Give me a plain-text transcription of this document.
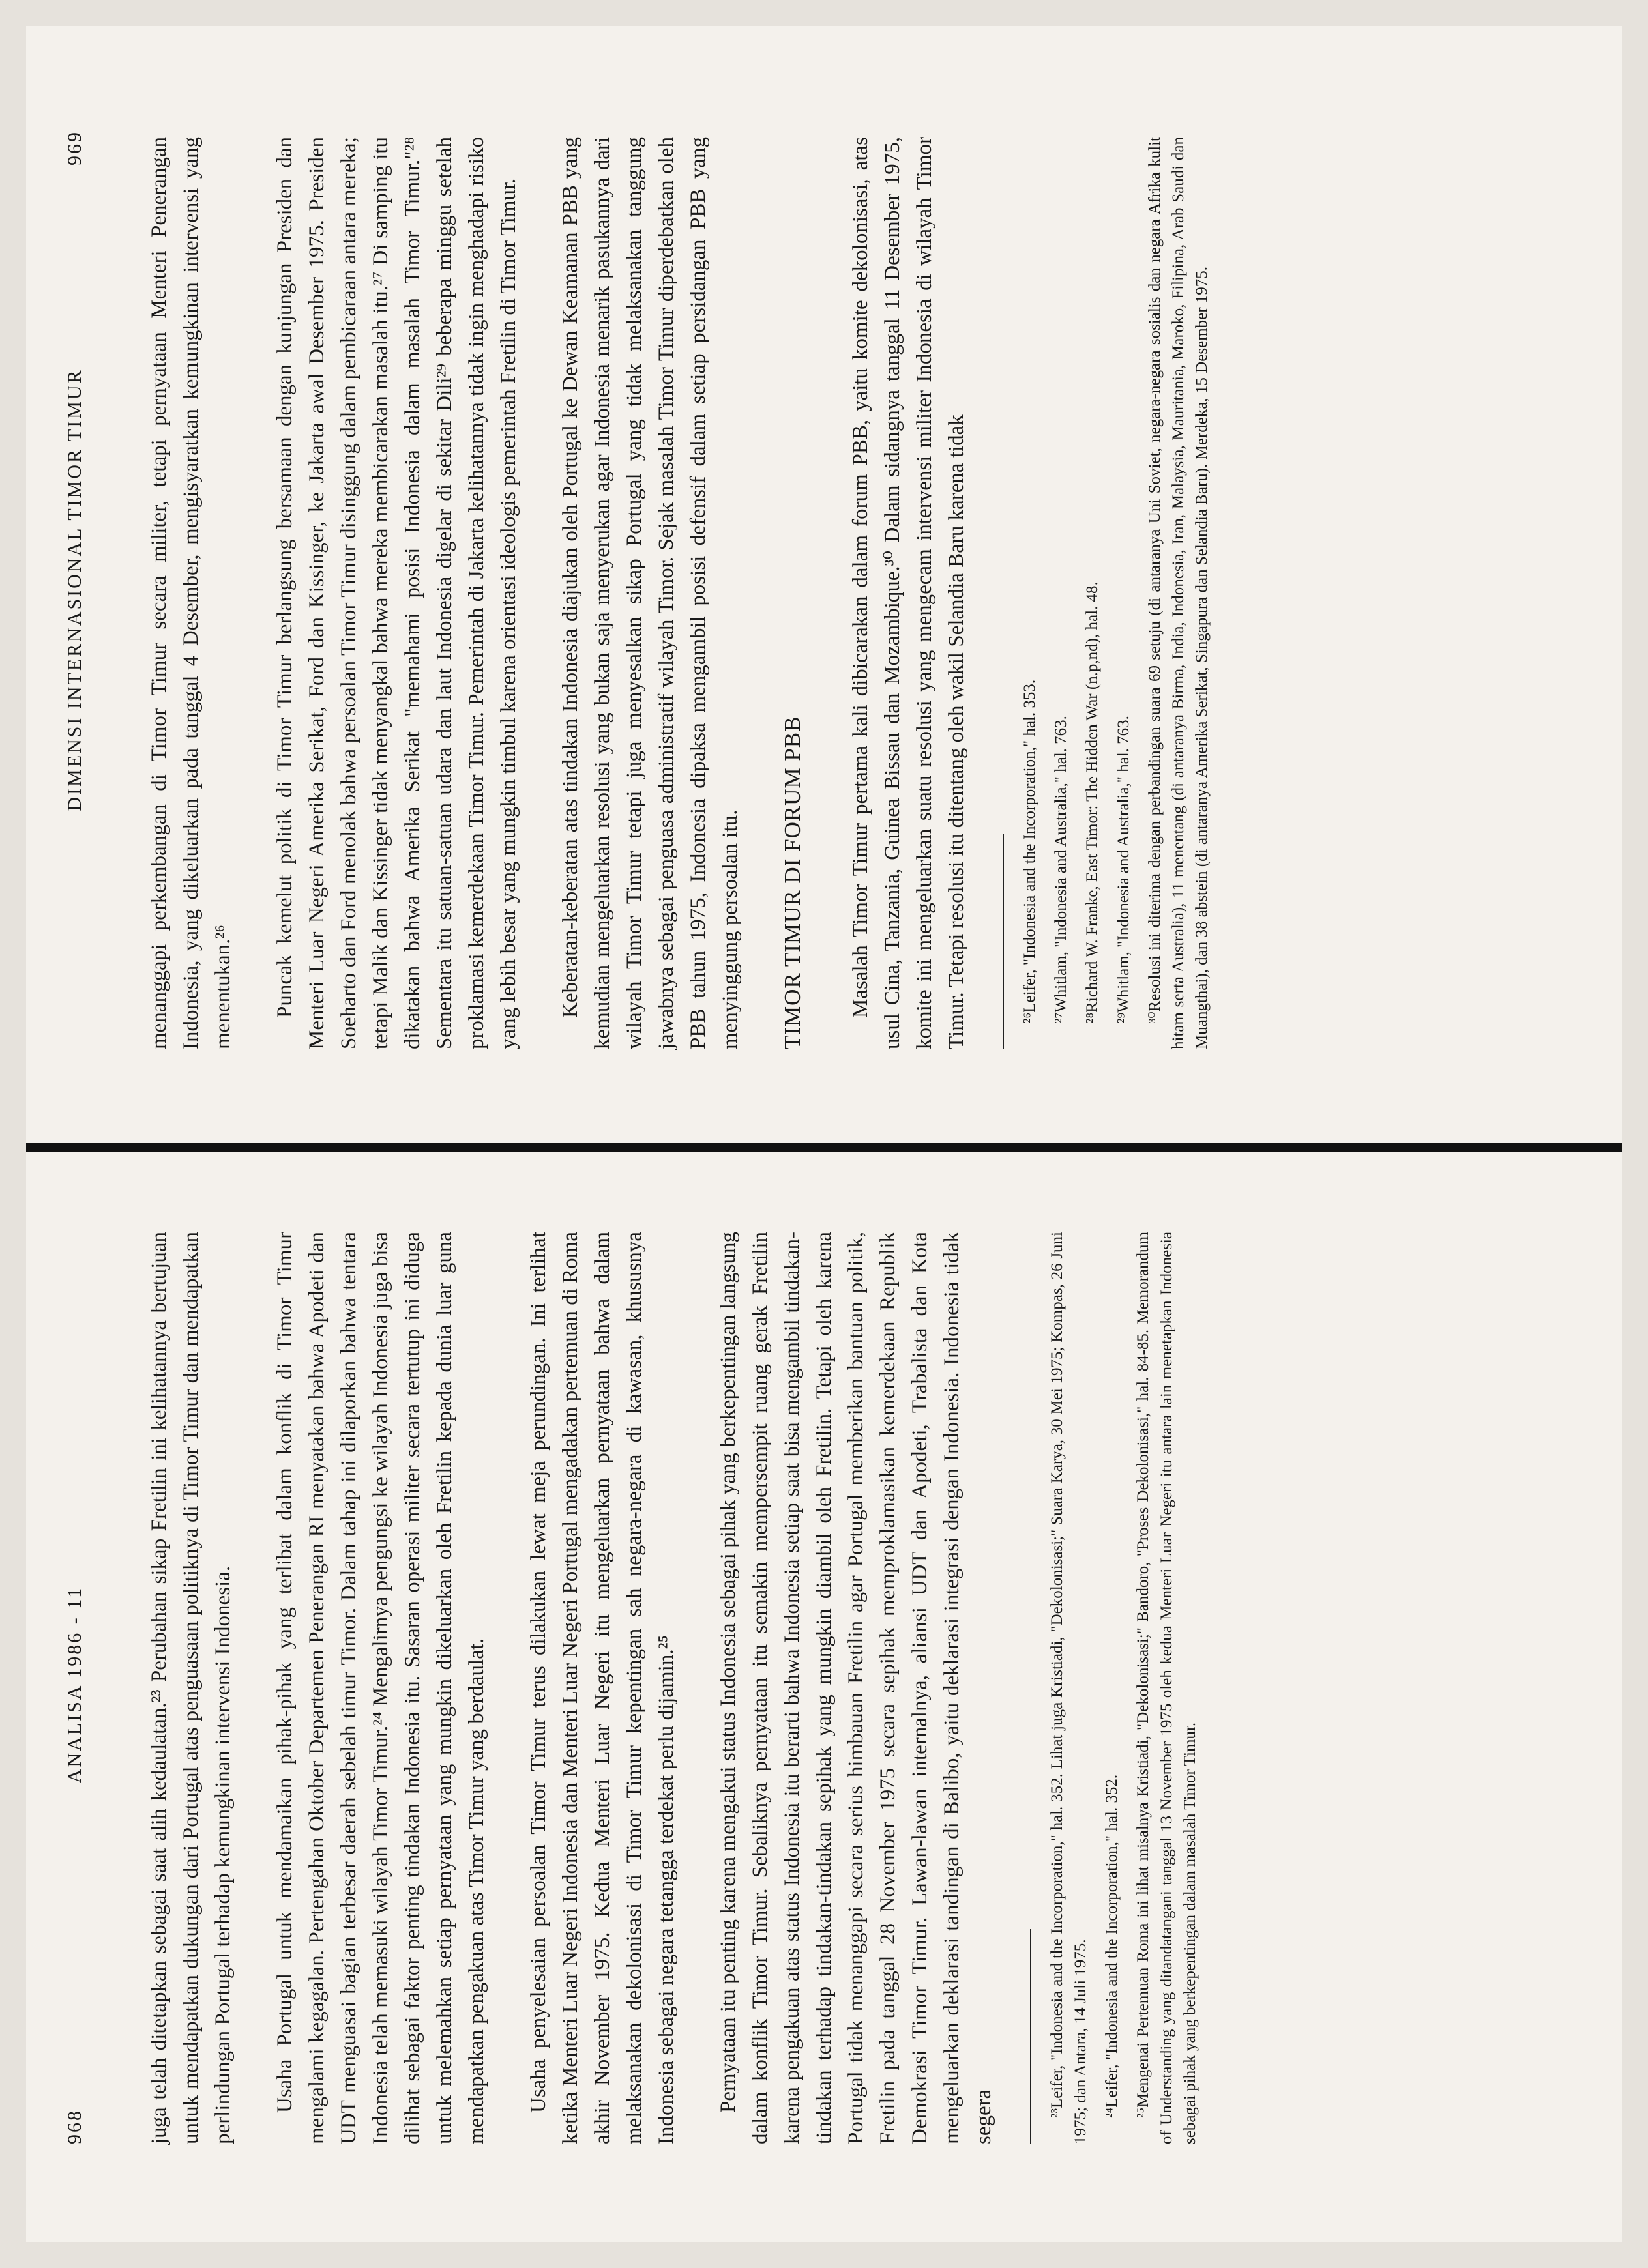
968
ANALISA 1986 - 11	juga telah ditetapkan sebagai saat alih kedaulatan.²³ Perubahan sikap Fretilin ini kelihatannya bertujuan untuk mendapatkan dukungan dari Portugal atas penguasaan politiknya di Timor Timur dan mendapatkan perlindungan Portugal terhadap kemungkinan intervensi Indonesia. Usaha Portugal untuk mendamaikan pihak-pihak yang terlibat dalam konflik di Timor Timur mengalami kegagalan. Pertengahan Oktober Departemen Penerangan RI menyatakan bahwa Apodeti dan UDT menguasai bagian terbesar daerah sebelah timur Timor. Dalam tahap ini dilaporkan bahwa tentara Indonesia telah memasuki wilayah Timor Timur.²⁴ Mengalirnya pengungsi ke wilayah Indonesia juga bisa dilihat sebagai faktor penting tindakan Indonesia itu. Sasaran operasi militer secara tertutup ini diduga untuk melemahkan setiap pernyataan yang mungkin dikeluarkan oleh Fretilin kepada dunia luar guna mendapatkan pengakuan atas Timor Timur yang berdaulat. Usaha penyelesaian persoalan Timor Timur terus dilakukan lewat meja perundingan. Ini terlihat ketika Menteri Luar Negeri Indonesia dan Menteri Luar Negeri Portugal mengadakan pertemuan di Roma akhir November 1975. Kedua Menteri Luar Negeri itu mengeluarkan pernyataan bahwa dalam melaksanakan dekolonisasi di Timor Timur kepentingan sah negara-negara di kawasan, khususnya Indonesia sebagai negara tetangga terdekat perlu dijamin.²⁵ Pernyataan itu penting karena mengakui status Indonesia sebagai pihak yang berkepentingan langsung dalam konflik Timor Timur. Sebaliknya pernyataan itu semakin mempersempit ruang gerak Fretilin karena pengakuan atas status Indonesia itu berarti bahwa Indonesia setiap saat bisa mengambil tindakan-tindakan terhadap tindakan-tindakan sepihak yang mungkin diambil oleh Fretilin. Tetapi oleh karena Portugal tidak menanggapi secara serius himbauan Fretilin agar Portugal memberikan bantuan politik, Fretilin pada tanggal 28 November 1975 secara sepihak memproklamasikan kemerdekaan Republik Demokrasi Timor Timur. Lawan-lawan internalnya, aliansi UDT dan Apodeti, Trabalista dan Kota mengeluarkan deklarasi tandingan di Balibo, yaitu deklarasi integrasi dengan Indonesia. Indonesia tidak segera	²³Leifer, "Indonesia and the Incorporation," hal. 352. Lihat juga Kristiadi, "Dekolonisasi;" Suara Karya, 30 Mei 1975; Kompas, 26 Juni 1975; dan Antara, 14 Juli 1975. ²⁴Leifer, "Indonesia and the Incorporation," hal. 352. ²⁵Mengenai Pertemuan Roma ini lihat misalnya Kristiadi, "Dekolonisasi;" Bandoro, "Proses Dekolonisasi," hal. 84-85. Memorandum of Understanding yang ditandatangani tanggal 13 November 1975 oleh kedua Menteri Luar Negeri itu antara lain menetapkan Indonesia sebagai pihak yang berkepentingan dalam masalah Timor Timur.
DIMENSI INTERNASIONAL TIMOR TIMUR
969	menanggapi perkembangan di Timor Timur secara militer, tetapi pernyataan Menteri Penerangan Indonesia, yang dikeluarkan pada tanggal 4 Desember, mengisyaratkan kemungkinan intervensi yang menentukan.²⁶ Puncak kemelut politik di Timor Timur berlangsung bersamaan dengan kunjungan Presiden dan Menteri Luar Negeri Amerika Serikat, Ford dan Kissinger, ke Jakarta awal Desember 1975. Presiden Soeharto dan Ford menolak bahwa persoalan Timor Timur disinggung dalam pembicaraan antara mereka; tetapi Malik dan Kissinger tidak menyangkal bahwa mereka membicarakan masalah itu.²⁷ Di samping itu dikatakan bahwa Amerika Serikat "memahami posisi Indonesia dalam masalah Timor Timur."²⁸ Sementara itu satuan-satuan udara dan laut Indonesia digelar di sekitar Dili²⁹ beberapa minggu setelah proklamasi kemerdekaan Timor Timur. Pemerintah di Jakarta kelihatannya tidak ingin menghadapi risiko yang lebih besar yang mungkin timbul karena orientasi ideologis pemerintah Fretilin di Timor Timur. Keberatan-keberatan atas tindakan Indonesia diajukan oleh Portugal ke Dewan Keamanan PBB yang kemudian mengeluarkan resolusi yang bukan saja menyerukan agar Indonesia menarik pasukannya dari wilayah Timor Timur tetapi juga menyesalkan sikap Portugal yang tidak melaksanakan tanggung jawabnya sebagai penguasa administratif wilayah Timor. Sejak masalah Timor Timur diperdebatkan oleh PBB tahun 1975, Indonesia dipaksa mengambil posisi defensif dalam setiap persidangan PBB yang menyinggung persoalan itu. TIMOR TIMUR DI FORUM PBB Masalah Timor Timur pertama kali dibicarakan dalam forum PBB, yaitu komite dekolonisasi, atas usul Cina, Tanzania, Guinea Bissau dan Mozambique.³⁰ Dalam sidangnya tanggal 11 Desember 1975, komite ini mengeluarkan suatu resolusi yang mengecam intervensi militer Indonesia di wilayah Timor Timur. Tetapi resolusi itu ditentang oleh wakil Selandia Baru karena tidak	²⁶Leifer, "Indonesia and the Incorporation," hal. 353. ²⁷Whitlam, "Indonesia and Australia," hal. 763. ²⁸Richard W. Franke, East Timor: The Hidden War (n.p,nd), hal. 48. ²⁹Whitlam, "Indonesia and Australia," hal. 763. ³⁰Resolusi ini diterima dengan perbandingan suara 69 setuju (di antaranya Uni Soviet, negara-negara sosialis dan negara Afrika kulit hitam serta Australia), 11 menentang (di antaranya Birma, India, Indonesia, Iran, Malaysia, Mauritania, Maroko, Filipina, Arab Saudi dan Muangthai), dan 38 abstein (di antaranya Amerika Serikat, Singapura dan Selandia Baru). Merdeka, 15 Desember 1975.
